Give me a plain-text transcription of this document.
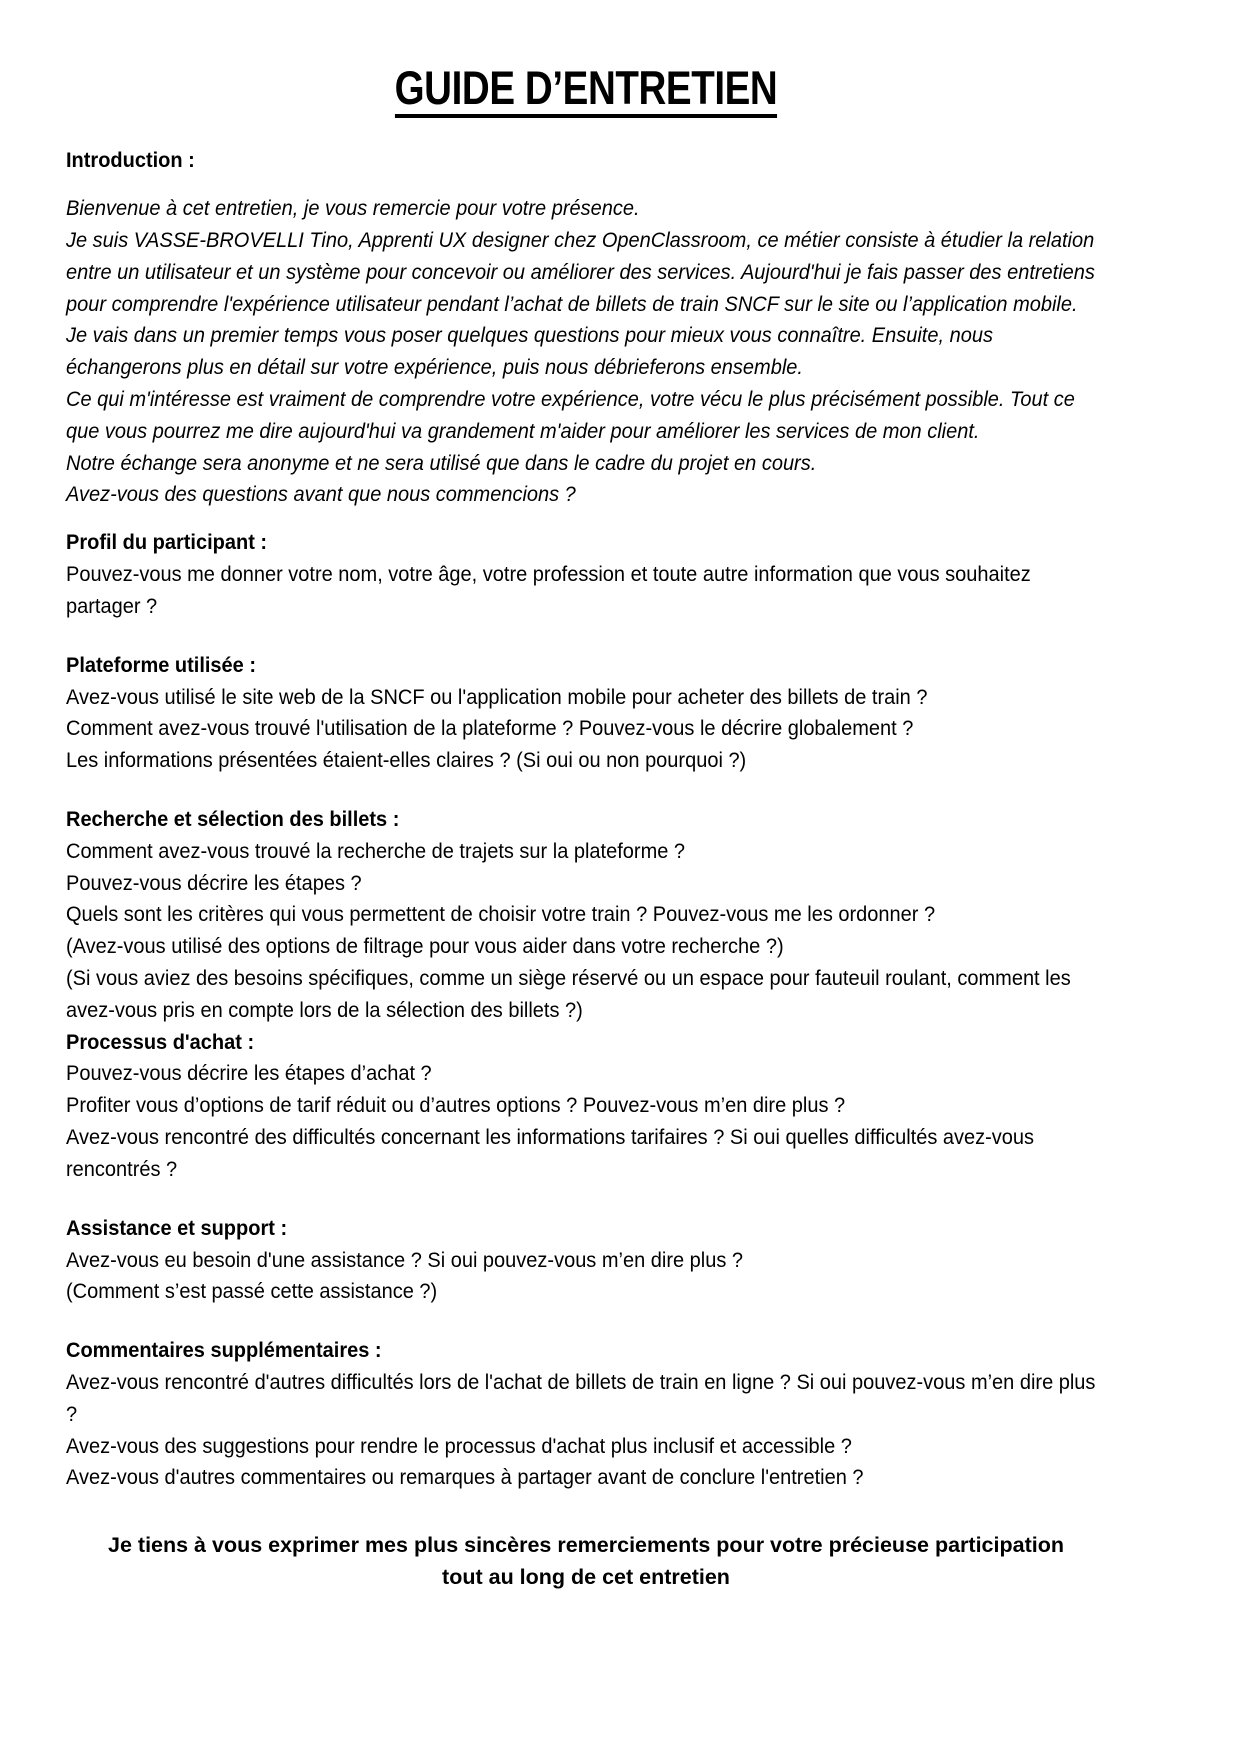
GUIDE D’ENTRETIEN
Introduction :
Bienvenue à cet entretien, je vous remercie pour votre présence.
Je suis VASSE-BROVELLI Tino, Apprenti UX designer chez OpenClassroom, ce métier consiste à étudier la relation entre un utilisateur et un système pour concevoir ou améliorer des services. Aujourd'hui je fais passer des entretiens pour comprendre l'expérience utilisateur pendant l’achat de billets de train SNCF sur le site ou l’application mobile.
Je vais dans un premier temps vous poser quelques questions pour mieux vous connaître. Ensuite, nous échangerons plus en détail sur votre expérience, puis nous débrieferons ensemble.
Ce qui m'intéresse est vraiment de comprendre votre expérience, votre vécu le plus précisément possible. Tout ce que vous pourrez me dire aujourd'hui va grandement m'aider pour améliorer les services de mon client.
Notre échange sera anonyme et ne sera utilisé que dans le cadre du projet en cours.
Avez-vous des questions avant que nous commencions ?
Profil du participant :
Pouvez-vous me donner votre nom, votre âge, votre profession et toute autre information que vous souhaitez partager ?
Plateforme utilisée :
Avez-vous utilisé le site web de la SNCF ou l'application mobile pour acheter des billets de train ?
Comment avez-vous trouvé l'utilisation de la plateforme ? Pouvez-vous le décrire globalement ?
Les informations présentées étaient-elles claires ? (Si oui ou non pourquoi ?)
Recherche et sélection des billets :
Comment avez-vous trouvé la recherche de trajets sur la plateforme ?
Pouvez-vous décrire les étapes ?
Quels sont les critères qui vous permettent de choisir votre train ? Pouvez-vous me les ordonner ?
(Avez-vous utilisé des options de filtrage pour vous aider dans votre recherche ?)
(Si vous aviez des besoins spécifiques, comme un siège réservé ou un espace pour fauteuil roulant, comment les avez-vous pris en compte lors de la sélection des billets ?)
Processus d'achat :
Pouvez-vous décrire les étapes d’achat ?
Profiter vous d’options de tarif réduit ou d’autres options ? Pouvez-vous m’en dire plus ?
Avez-vous rencontré des difficultés concernant les informations tarifaires ? Si oui quelles difficultés avez-vous rencontrés ?
Assistance et support :
Avez-vous eu besoin d'une assistance ? Si oui pouvez-vous m’en dire plus ?
(Comment s’est passé cette assistance ?)
Commentaires supplémentaires :
Avez-vous rencontré d'autres difficultés lors de l'achat de billets de train en ligne ? Si oui pouvez-vous m’en dire plus ?
Avez-vous des suggestions pour rendre le processus d'achat plus inclusif et accessible ?
Avez-vous d'autres commentaires ou remarques à partager avant de conclure l'entretien ?
Je tiens à vous exprimer mes plus sincères remerciements pour votre précieuse participation tout au long de cet entretien
